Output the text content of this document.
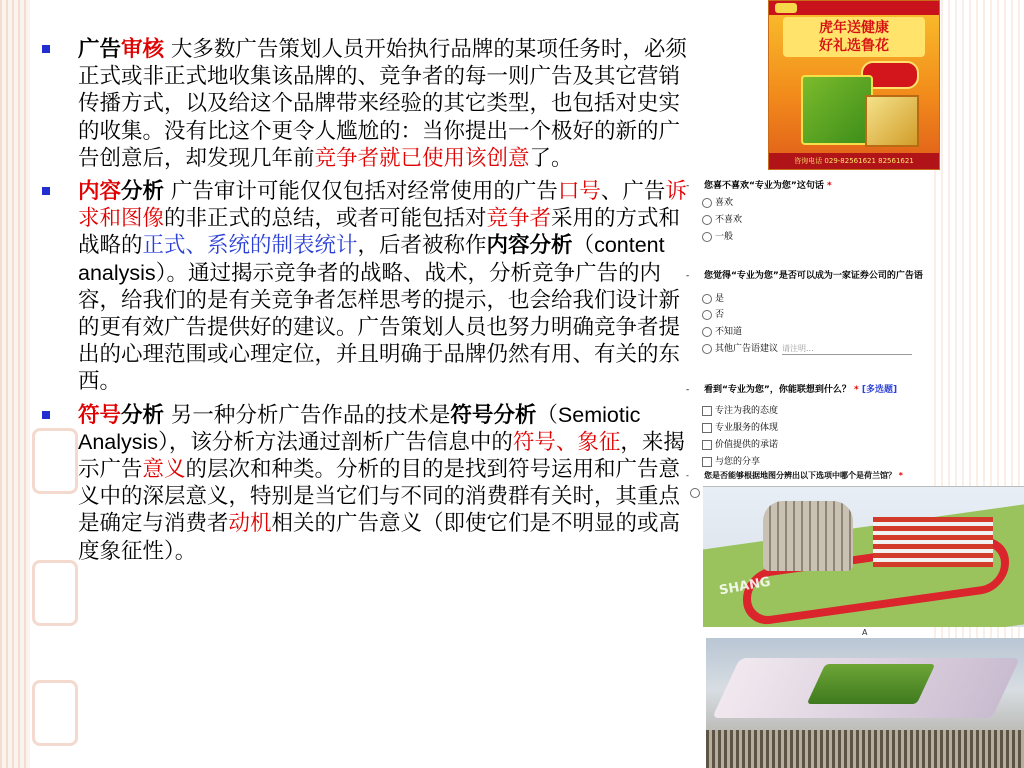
广告审核 大多数广告策划人员开始执行品牌的某项任务时，必须正式或非正式地收集该品牌的、竞争者的每一则广告及其它营销传播方式，以及给这个品牌带来经验的其它类型，也包括对史实的收集。没有比这个更令人尴尬的：当你提出一个极好的新的广告创意后，却发现几年前竞争者就已使用该创意了。
内容分析 广告审计可能仅仅包括对经常使用的广告口号、广告诉求和图像的非正式的总结，或者可能包括对竞争者采用的方式和战略的正式、系统的制表统计，后者被称作内容分析（content analysis）。通过揭示竞争者的战略、战术，分析竞争广告的内容，给我们的是有关竞争者怎样思考的提示，也会给我们设计新的更有效广告提供好的建议。广告策划人员也努力明确竞争者提出的心理范围或心理定位，并且明确于品牌仍然有用、有关的东西。
符号分析 另一种分析广告作品的技术是符号分析（Semiotic Analysis），该分析方法通过剖析广告信息中的符号、象征，来揭示广告意义的层次和种类。分析的目的是找到符号运用和广告意义中的深层意义，特别是当它们与不同的消费群有关时，其重点是确定与消费者动机相关的广告意义（即使它们是不明显的或高度象征性）。
虎年送健康
好礼选鲁花
咨询电话 029-82561621 82561621
- 您喜不喜欢“专业为您”这句话 *
喜欢
不喜欢
一般
- 您觉得“专业为您”是否可以成为一家证券公司的广告语
是
否
不知道
其他广告语建议 请注明...
- 看到“专业为您”，你能联想到什么？ * [多选题]
专注为我的态度
专业服务的体现
价值提供的承诺
与您的分享
- 您是否能够根据地图分辨出以下选项中哪个是荷兰馆？ *
SHANG
A
